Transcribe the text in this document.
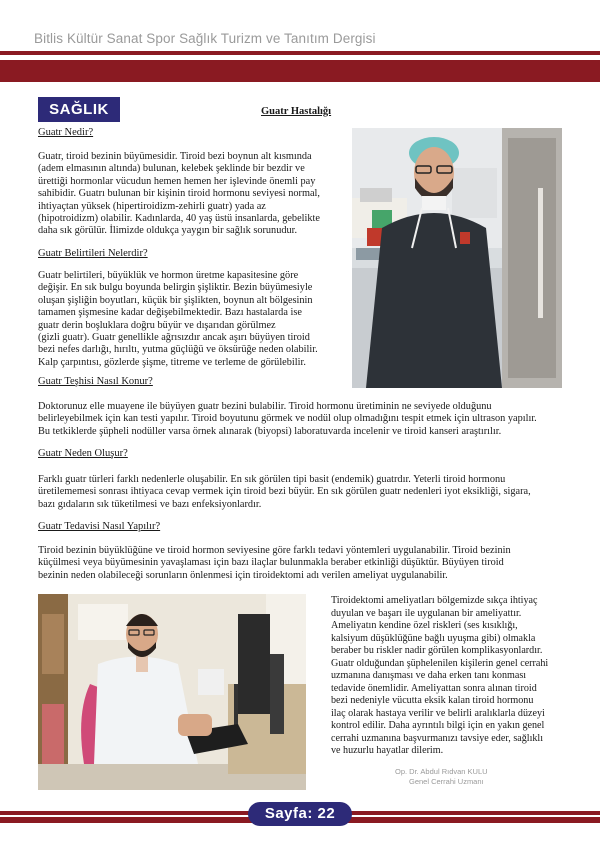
Bitlis Kültür Sanat Spor Sağlık Turizm ve Tanıtım Dergisi
SAĞLIK	Guatr Hastalığı
Guatr Nedir?
Guatr, tiroid bezinin büyümesidir. Tiroid bezi boynun alt kısmında
(adem elmasının altında) bulunan, kelebek şeklinde bir bezdir ve
ürettiği hormonlar vücudun hemen hemen her işlevinde önemli pay
sahibidir. Guatrı bulunan bir kişinin tiroid hormonu seviyesi normal,
ihtiyaçtan yüksek (hipertiroidizm-zehirli guatr) yada az
(hipotroidizm) olabilir. Kadınlarda, 40 yaş üstü insanlarda, gebelikte
daha sık görülür. İlimizde oldukça yaygın bir sağlık sorunudur.
Guatr Belirtileri Nelerdir?
Guatr belirtileri, büyüklük ve hormon üretme kapasitesine göre
değişir. En sık bulgu boyunda belirgin şişliktir. Bezin büyümesiyle
oluşan şişliğin boyutları, küçük bir şişlikten, boynun alt bölgesinin
tamamen şişmesine kadar değişebilmektedir. Bazı hastalarda ise
guatr derin boşluklara doğru büyür ve dışarıdan görülmez
(gizli guatr). Guatr genellikle ağrısızdır ancak aşırı büyüyen tiroid
bezi nefes darlığı, hırıltı, yutma güçlüğü ve öksürüğe neden olabilir.
Kalp çarpıntısı, gözlerde şişme, titreme ve terleme de görülebilir.
Guatr Teşhisi Nasıl Konur?
Doktorunuz elle muayene ile büyüyen guatr bezini bulabilir. Tiroid hormonu üretiminin ne seviyede olduğunu
belirleyebilmek için kan testi yapılır. Tiroid boyutunu görmek ve nodül olup olmadığını tespit etmek için ultrason yapılır.
Bu tetkiklerde şüpheli nodüller varsa örnek alınarak (biyopsi) laboratuvarda incelenir ve tiroid kanseri araştırılır.
Guatr Neden Oluşur?
Farklı guatr türleri farklı nedenlerle oluşabilir. En sık görülen tipi basit (endemik) guatrdır. Yeterli tiroid hormonu
üretilememesi sonrası ihtiyaca cevap vermek için tiroid bezi büyür. En sık görülen guatr nedenleri iyot eksikliği, sigara,
bazı gıdaların sık tüketilmesi ve bazı enfeksiyonlardır.
Guatr Tedavisi Nasıl Yapılır?
Tiroid bezinin büyüklüğüne ve tiroid hormon seviyesine göre farklı tedavi yöntemleri uygulanabilir. Tiroid bezinin
küçülmesi veya büyümesinin yavaşlaması için bazı ilaçlar bulunmakla beraber etkinliği düşüktür. Büyüyen tiroid
bezinin neden olabileceği sorunların önlenmesi için tiroidektomi adı verilen ameliyat uygulanabilir.
Tiroidektomi ameliyatları bölgemizde sıkça ihtiyaç
duyulan ve başarı ile uygulanan bir ameliyattır.
Ameliyatın kendine özel riskleri (ses kısıklığı,
kalsiyum düşüklüğüne bağlı uyuşma gibi) olmakla
beraber bu riskler nadir görülen komplikasyonlardır.
Guatr olduğundan şüphelenilen kişilerin genel cerrahi
uzmanına danışması ve daha erken tanı konması
tedavide önemlidir. Ameliyattan sonra alınan tiroid
bezi nedeniyle vücutta eksik kalan tiroid hormonu
ilaç olarak hastaya verilir ve belirli aralıklarla düzeyi
kontrol edilir. Daha ayrıntılı bilgi için en yakın genel
cerrahi uzmanına başvurmanızı tavsiye eder, sağlıklı
ve huzurlu hayatlar dilerim.
Op. Dr. Abdul Rıdvan KULU
Genel Cerrahi Uzmanı
Sayfa: 22
